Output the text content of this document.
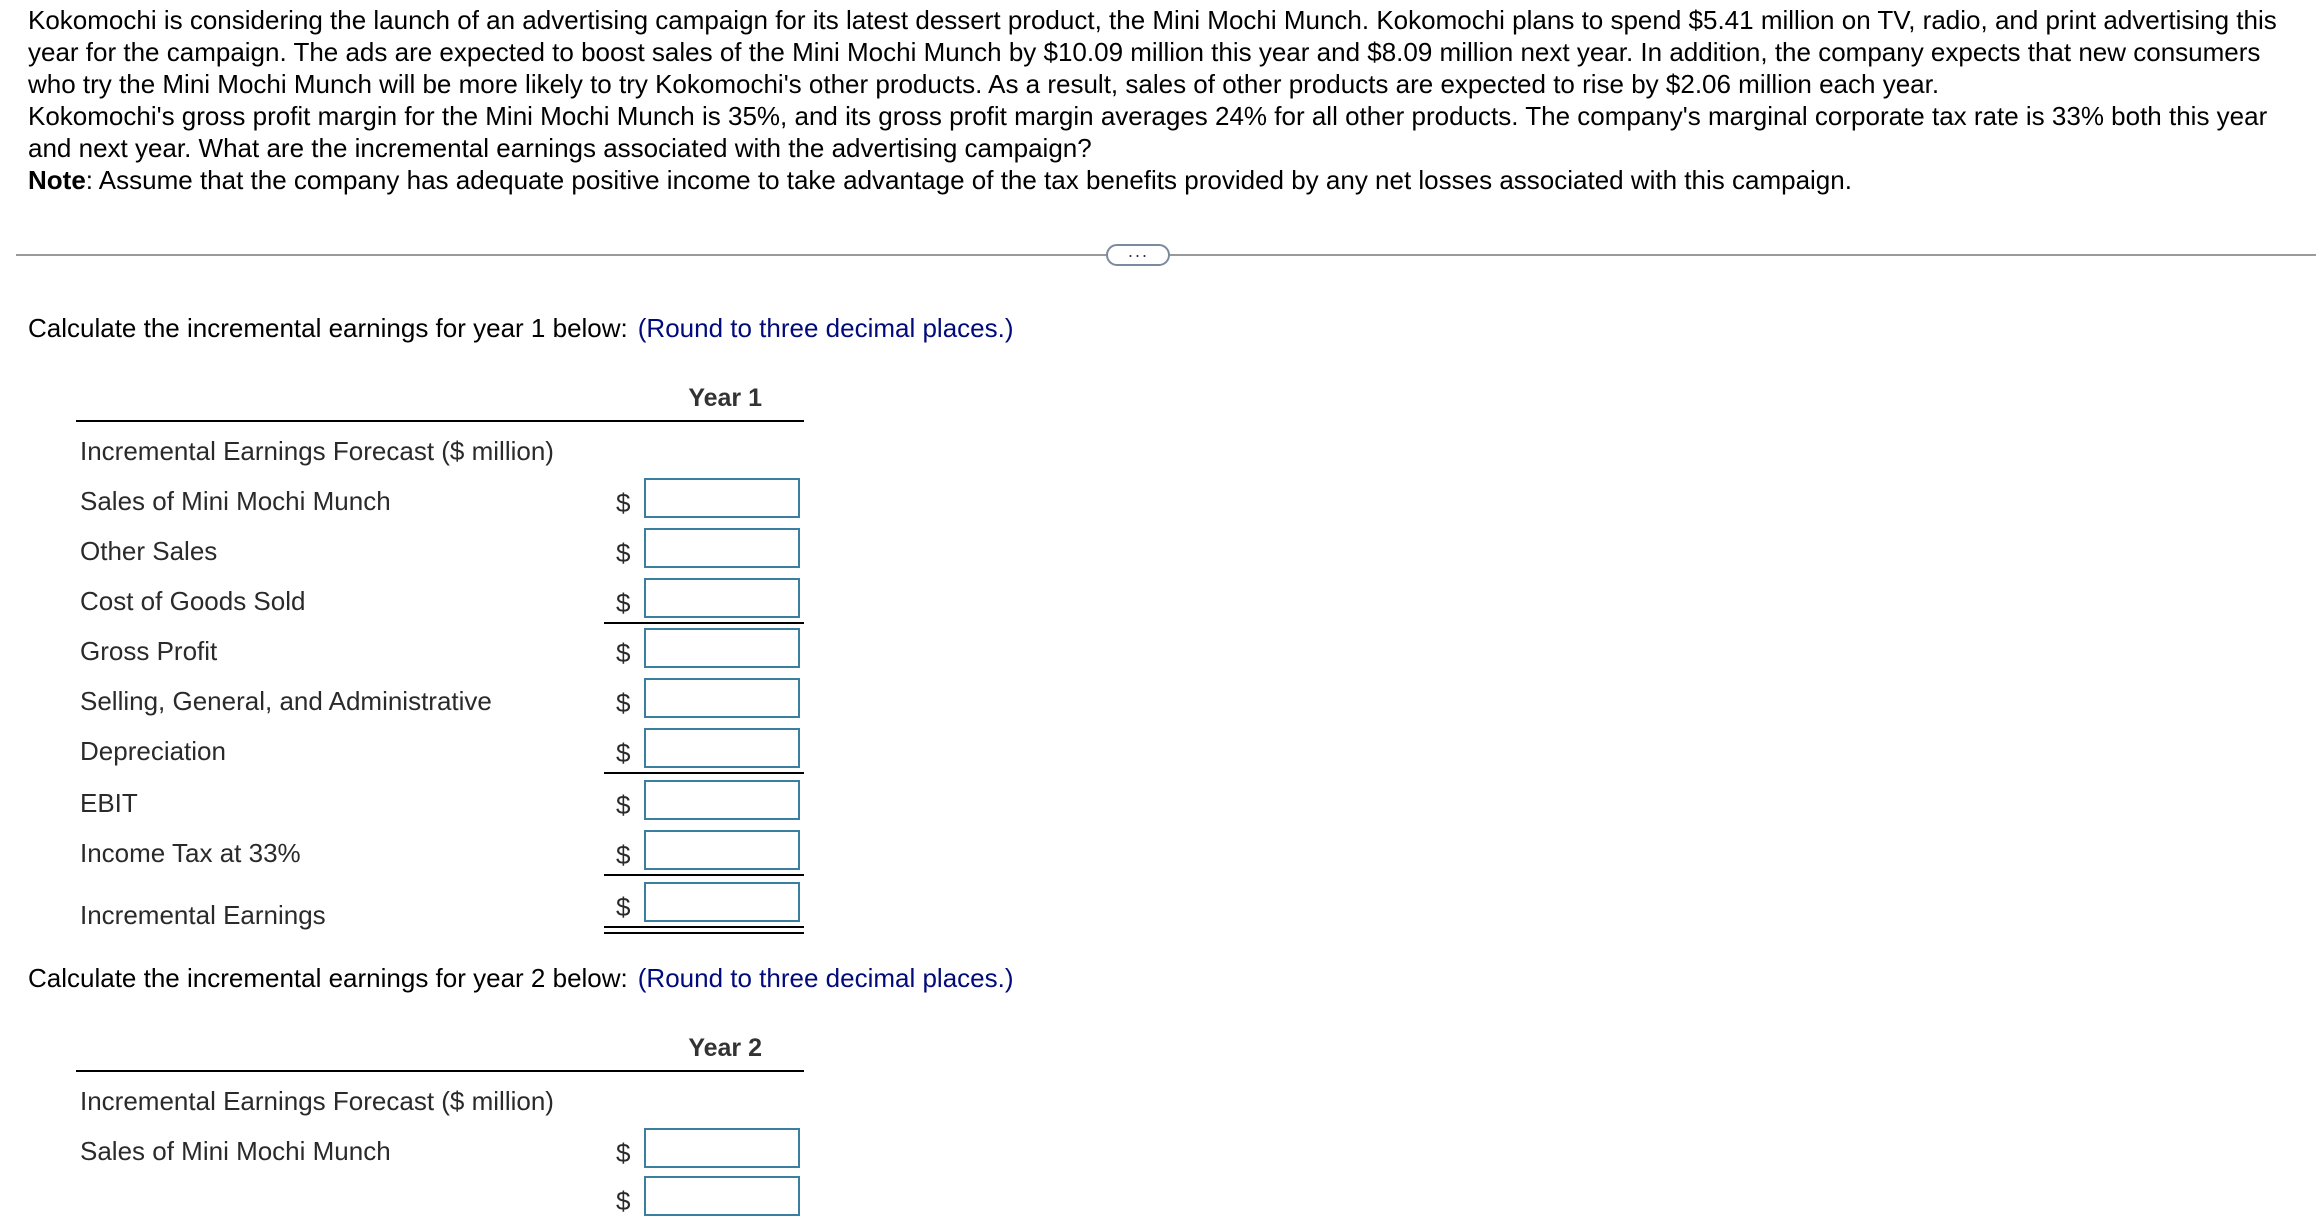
Kokomochi is considering the launch of an advertising campaign for its latest dessert product, the Mini Mochi Munch. Kokomochi plans to spend $5.41 million on TV, radio, and print advertising this year for the campaign. The ads are expected to boost sales of the Mini Mochi Munch by $10.09 million this year and $8.09 million next year. In addition, the company expects that new consumers who try the Mini Mochi Munch will be more likely to try Kokomochi's other products. As a result, sales of other products are expected to rise by $2.06 million each year.

Kokomochi's gross profit margin for the Mini Mochi Munch is 35%, and its gross profit margin averages 24% for all other products. The company's marginal corporate tax rate is 33% both this year and next year. What are the incremental earnings associated with the advertising campaign?

Note: Assume that the company has adequate positive income to take advantage of the tax benefits provided by any net losses associated with this campaign.

···
Calculate the incremental earnings for year 1 below: (Round to three decimal places.)
Year 1
Incremental Earnings Forecast ($ million)
Sales of Mini Mochi Munch	$
Other Sales	$
Cost of Goods Sold	$
Gross Profit	$
Selling, General, and Administrative	$
Depreciation	$
EBIT	$
Income Tax at 33%	$
Incremental Earnings	$
Calculate the incremental earnings for year 2 below: (Round to three decimal places.)
Year 2
Incremental Earnings Forecast ($ million)
Sales of Mini Mochi Munch	$
$
